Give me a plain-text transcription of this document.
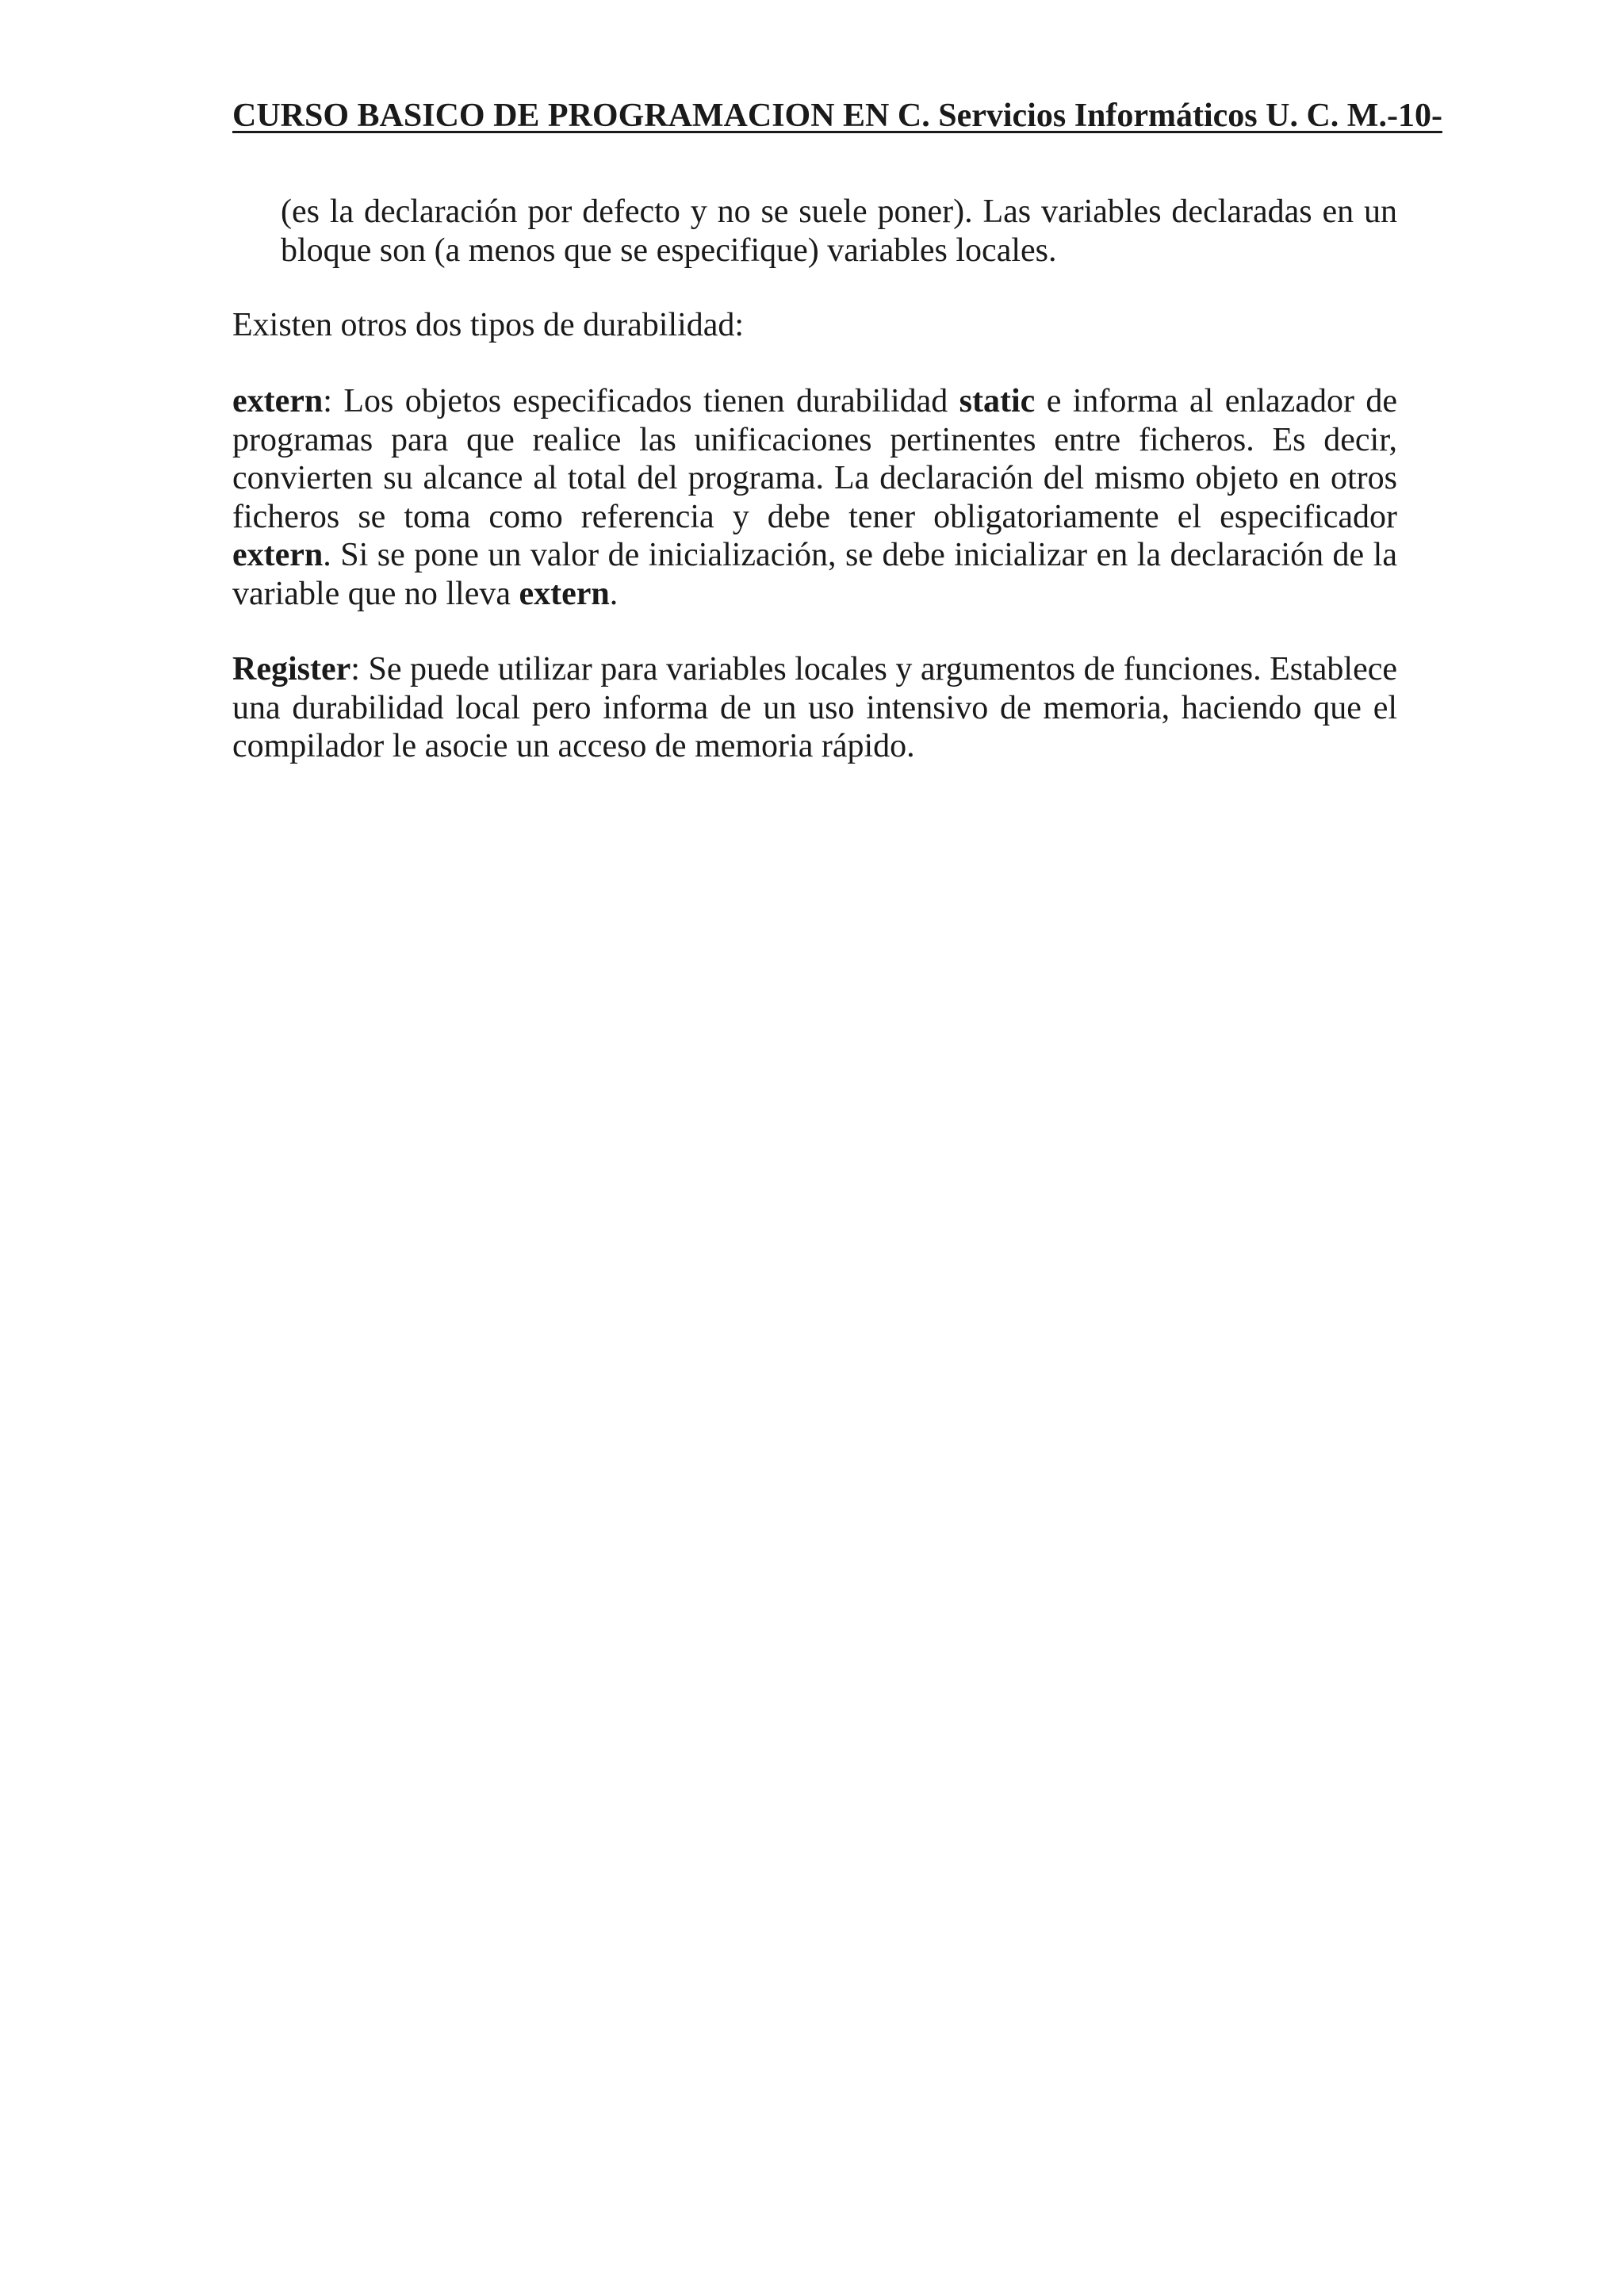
CURSO BASICO DE PROGRAMACION EN C. Servicios Informáticos U. C. M.-10-

(es la declaración por defecto y no se suele poner). Las variables declaradas en un bloque son (a menos que se especifique) variables locales.

Existen otros dos tipos de durabilidad:

extern: Los objetos especificados tienen durabilidad static e informa al enlazador de programas para que realice las unificaciones pertinentes entre ficheros. Es decir, convierten su alcance al total del programa. La declaración del mismo objeto en otros ficheros se toma como referencia y debe tener obligatoriamente el especificador extern. Si se pone un valor de inicialización, se debe inicializar en la declaración de la variable que no lleva extern.

Register: Se puede utilizar para variables locales y argumentos de funciones. Establece una durabilidad local pero informa de un uso intensivo de memoria, haciendo que el compilador le asocie un acceso de memoria rápido.
